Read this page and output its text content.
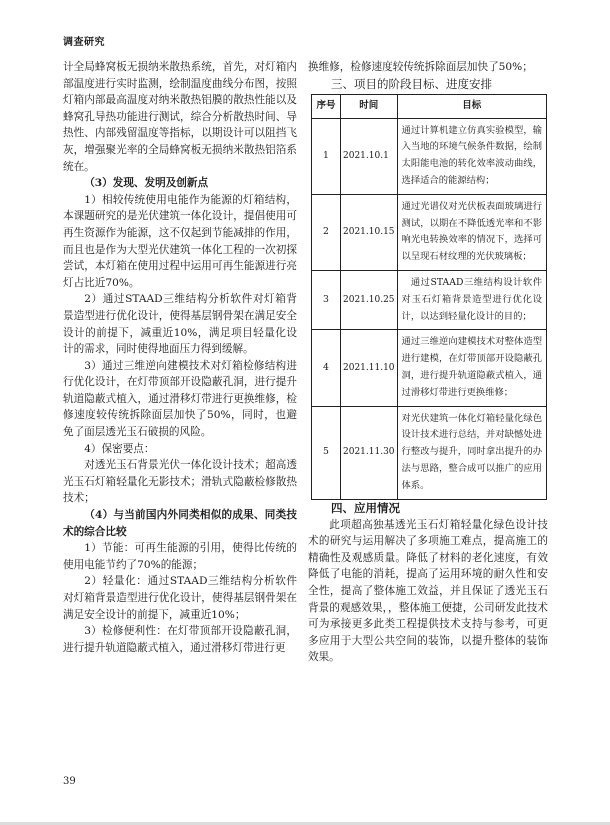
调查研究

计全局蜂窝板无损纳米散热系统，首先，对灯箱内部温度进行实时监测，绘制温度曲线分布图，按照灯箱内部最高温度对纳米散热铝膜的散热性能以及蜂窝孔导热功能进行测试，综合分析散热时间、导热性、内部残留温度等指标，以期设计可以阻挡飞灰，增强聚光率的全局蜂窝板无损纳米散热铝箔系统在。

（3）发现、发明及创新点

1）相较传统使用电能作为能源的灯箱结构，本课题研究的是光伏建筑一体化设计，提倡使用可再生资源作为能源，这不仅起到节能减排的作用，而且也是作为大型光伏建筑一体化工程的一次初探尝试，本灯箱在使用过程中运用可再生能源进行亮灯占比近70%。

2）通过STAAD三维结构分析软件对灯箱背景造型进行优化设计，使得基层钢骨架在满足安全设计的前提下，减重近10%，满足项目轻量化设计的需求，同时使得地面压力得到缓解。

3）通过三维逆向建模技术对灯箱检修结构进行优化设计，在灯带顶部开设隐蔽孔洞，进行提升轨道隐蔽式植入，通过滑移灯带进行更换维修，检修速度较传统拆除面层加快了50%，同时，也避免了面层透光玉石破损的风险。

4）保密要点：

对透光玉石背景光伏一体化设计技术；超高透光玉石灯箱轻量化无影技术；滑轨式隐蔽检修散热技术；

（4）与当前国内外同类相似的成果、同类技术的综合比较

1）节能：可再生能源的引用，使得比传统的使用电能节约了70%的能源；

2）轻量化：通过STAAD三维结构分析软件对灯箱背景造型进行优化设计，使得基层钢骨架在满足安全设计的前提下，减重近10%；

3）检修便利性：在灯带顶部开设隐蔽孔洞，进行提升轨道隐蔽式植入，通过滑移灯带进行更

换维修，检修速度较传统拆除面层加快了50%；

三、项目的阶段目标、进度安排

序号	时间	目标
1	2021.10.1	通过计算机建立仿真实验模型，输入当地的环境气候条件数据，绘制太阳能电池的转化效率波动曲线，选择适合的能源结构；
2	2021.10.15	通过光谱仪对光伏板表面玻璃进行测试，以期在不降低透光率和不影响光电转换效率的情况下，选择可以呈现石材纹理的光伏玻璃板；
3	2021.10.25	通过STAAD三维结构设计软件对玉石灯箱背景造型进行优化设计，以达到轻量化设计的目的；
4	2021.11.10	通过三维逆向建模技术对整体造型进行建模，在灯带顶部开设隐蔽孔洞，进行提升轨道隐蔽式植入，通过滑移灯带进行更换维修；
5	2021.11.30	对光伏建筑一体化灯箱轻量化绿色设计技术进行总结，并对缺憾处进行整改与提升，同时拿出提升的办法与思路，整合成可以推广的应用体系。

四、应用情况

此项超高独基透光玉石灯箱轻量化绿色设计技术的研究与运用解决了多项施工难点，提高施工的精确性及观感质量。降低了材料的老化速度，有效降低了电能的消耗，提高了运用环境的耐久性和安全性，提高了整体施工效益，并且保证了透光玉石背景的观感效果，，整体施工便捷，公司研发此技术可为承接更多此类工程提供技术支持与参考，可更多应用于大型公共空间的装饰，以提升整体的装饰效果。

39
